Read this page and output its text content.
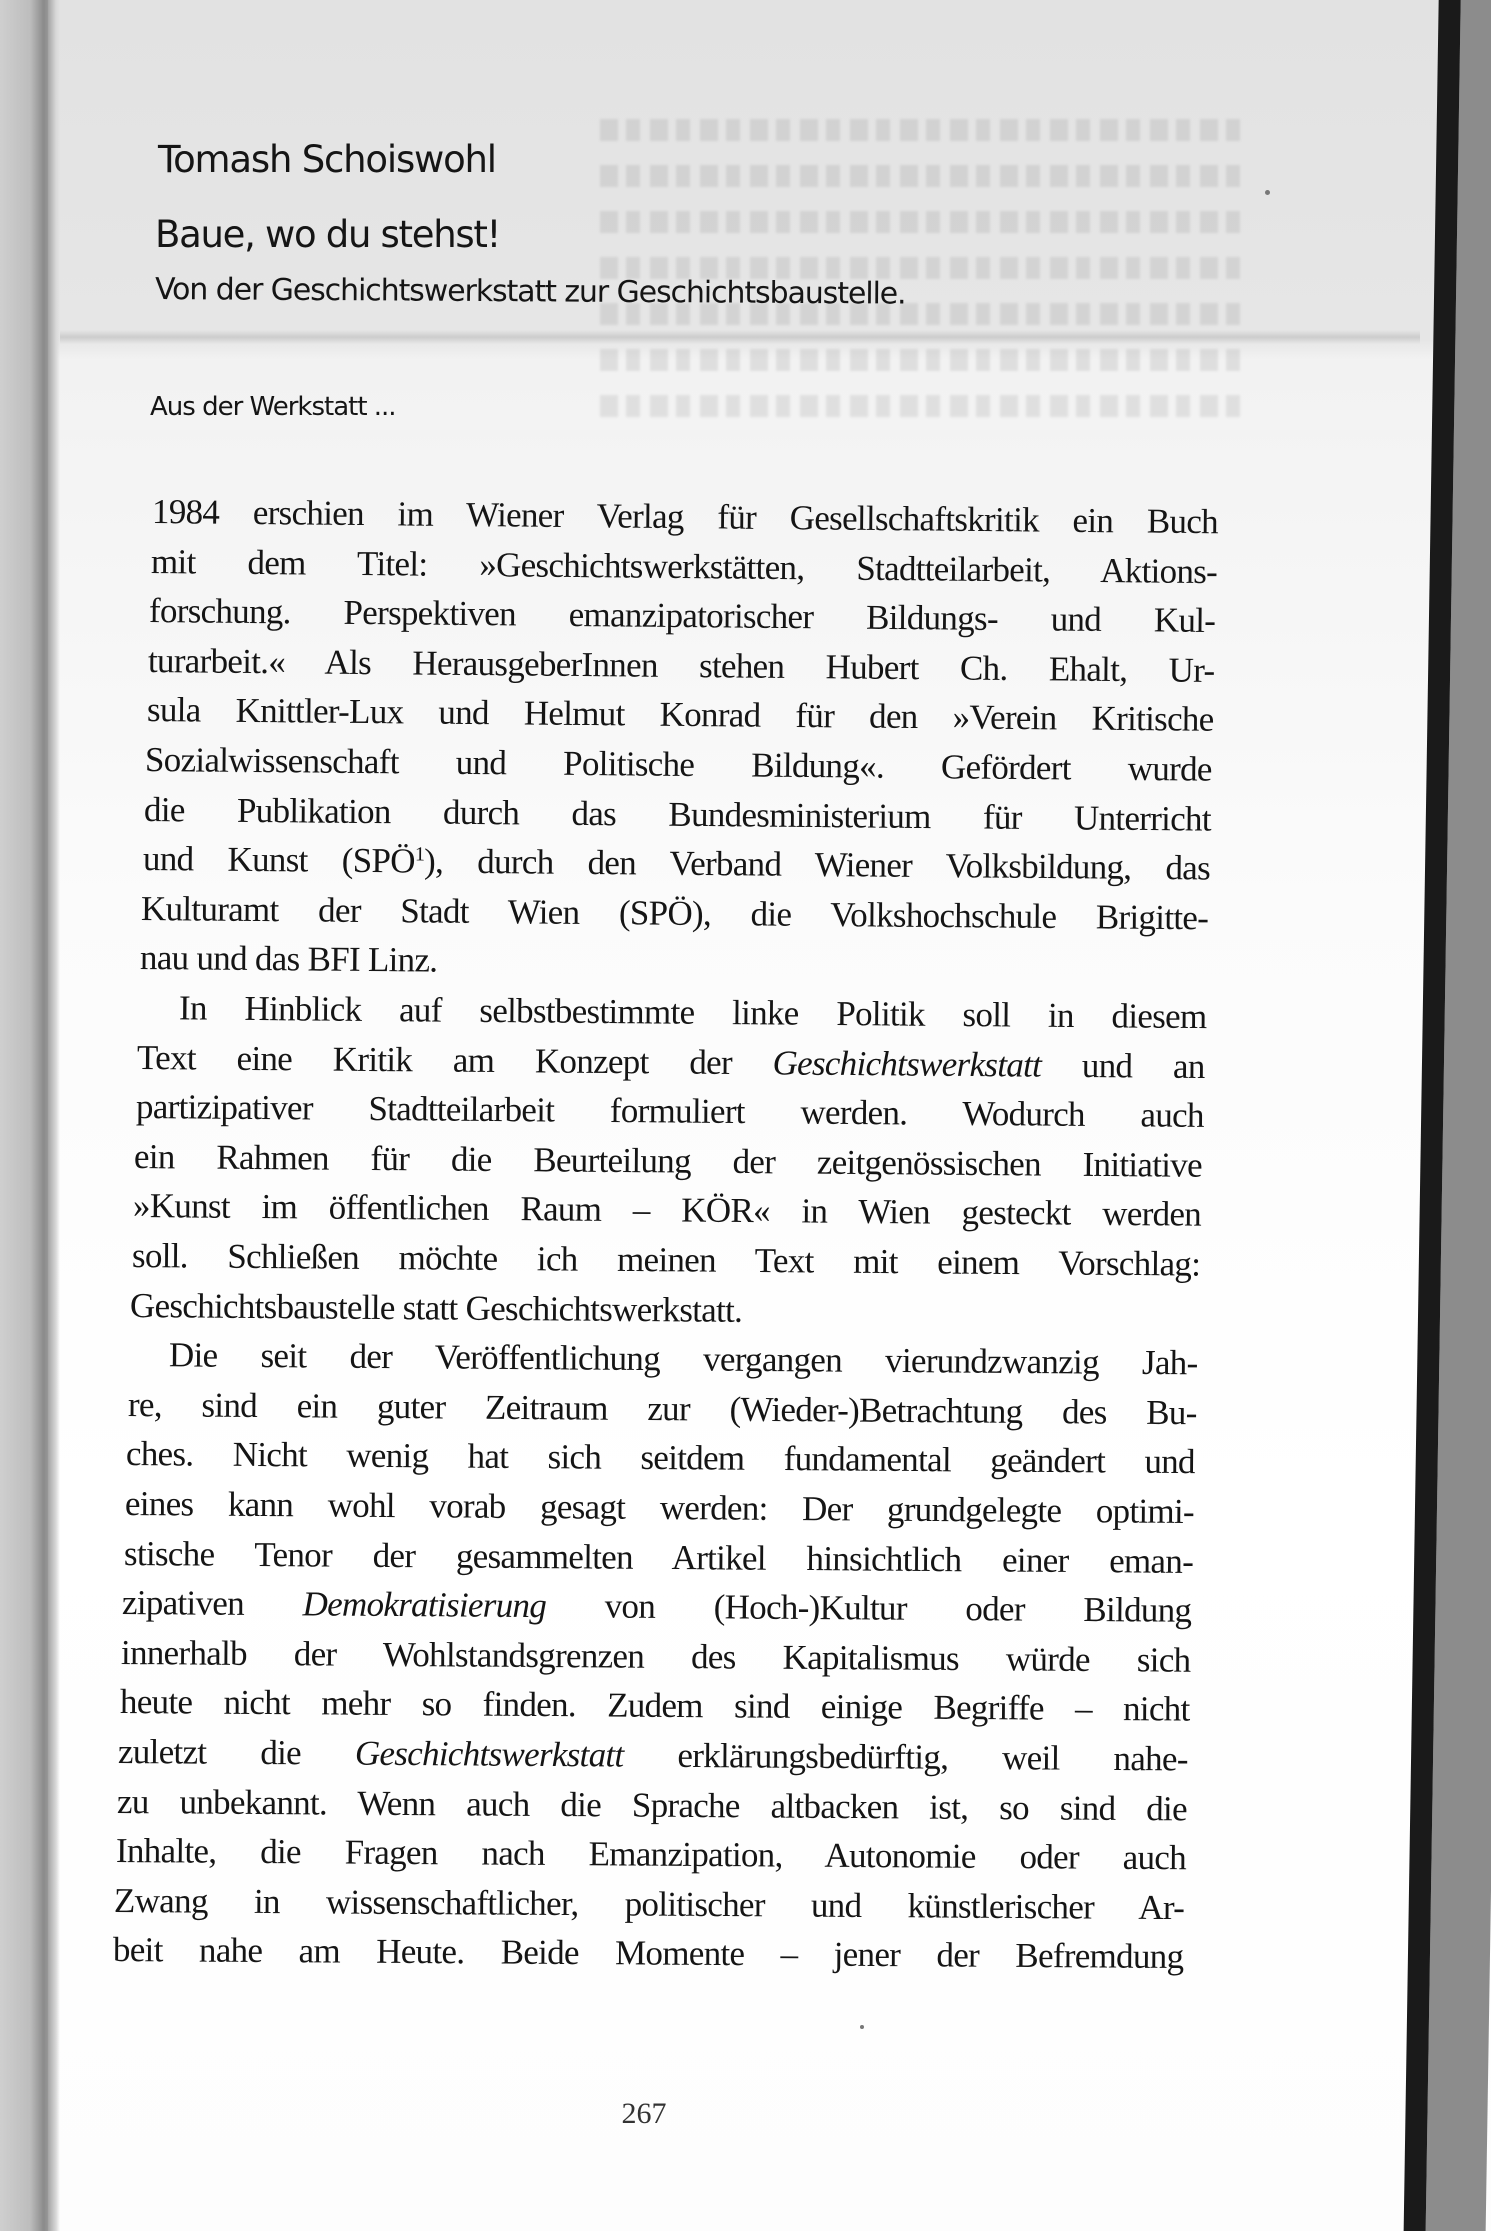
Tomash Schoiswohl
Baue, wo du stehst!
Von der Geschichtswerkstatt zur Geschichtsbaustelle.
Aus der Werkstatt ...
1984 erschien im Wiener Verlag für Gesellschaftskritik ein Buch
mit dem Titel: »Geschichtswerkstätten, Stadtteilarbeit, Aktions-
forschung. Perspektiven emanzipatorischer Bildungs- und Kul-
turarbeit.« Als HerausgeberInnen stehen Hubert Ch. Ehalt, Ur-
sula Knittler-Lux und Helmut Konrad für den »Verein Kritische
Sozialwissenschaft und Politische Bildung«. Gefördert wurde
die Publikation durch das Bundesministerium für Unterricht
und Kunst (SPÖ$^1$), durch den Verband Wiener Volksbildung, das
Kulturamt der Stadt Wien (SPÖ), die Volkshochschule Brigitte-
nau und das BFI Linz.
In Hinblick auf selbstbestimmte linke Politik soll in diesem
Text eine Kritik am Konzept der Geschichtswerkstatt und an
partizipativer Stadtteilarbeit formuliert werden. Wodurch auch
ein Rahmen für die Beurteilung der zeitgenössischen Initiative
»Kunst im öffentlichen Raum – KÖR« in Wien gesteckt werden
soll. Schließen möchte ich meinen Text mit einem Vorschlag:
Geschichtsbaustelle statt Geschichtswerkstatt.
Die seit der Veröffentlichung vergangen vierundzwanzig Jah-
re, sind ein guter Zeitraum zur (Wieder-)Betrachtung des Bu-
ches. Nicht wenig hat sich seitdem fundamental geändert und
eines kann wohl vorab gesagt werden: Der grundgelegte optimi-
stische Tenor der gesammelten Artikel hinsichtlich einer eman-
zipativen Demokratisierung von (Hoch-)Kultur oder Bildung
innerhalb der Wohlstandsgrenzen des Kapitalismus würde sich
heute nicht mehr so finden. Zudem sind einige Begriffe – nicht
zuletzt die Geschichtswerkstatt erklärungsbedürftig, weil nahe-
zu unbekannt. Wenn auch die Sprache altbacken ist, so sind die
Inhalte, die Fragen nach Emanzipation, Autonomie oder auch
Zwang in wissenschaftlicher, politischer und künstlerischer Ar-
beit nahe am Heute. Beide Momente – jener der Befremdung
267
